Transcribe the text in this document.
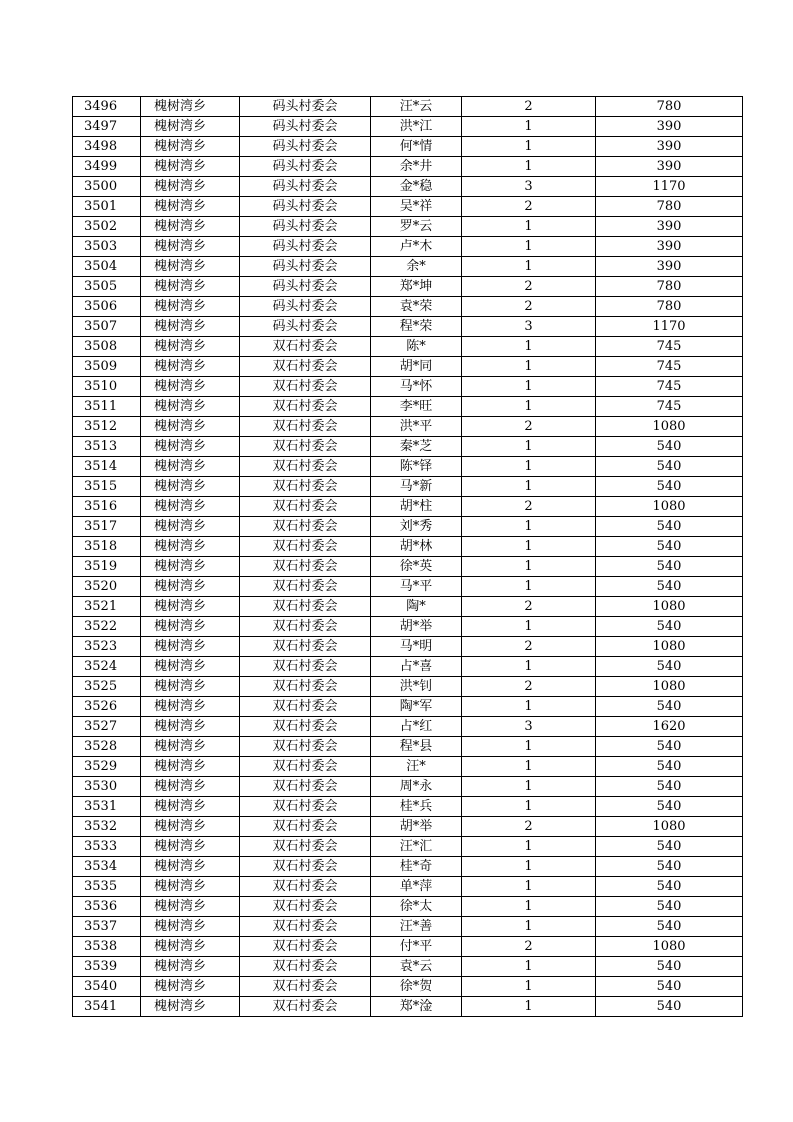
3496	槐树湾乡	码头村委会	汪*云	2	780
3497	槐树湾乡	码头村委会	洪*江	1	390
3498	槐树湾乡	码头村委会	何*情	1	390
3499	槐树湾乡	码头村委会	余*井	1	390
3500	槐树湾乡	码头村委会	金*稳	3	1170
3501	槐树湾乡	码头村委会	吴*祥	2	780
3502	槐树湾乡	码头村委会	罗*云	1	390
3503	槐树湾乡	码头村委会	卢*木	1	390
3504	槐树湾乡	码头村委会	余*	1	390
3505	槐树湾乡	码头村委会	郑*坤	2	780
3506	槐树湾乡	码头村委会	袁*荣	2	780
3507	槐树湾乡	码头村委会	程*荣	3	1170
3508	槐树湾乡	双石村委会	陈*	1	745
3509	槐树湾乡	双石村委会	胡*同	1	745
3510	槐树湾乡	双石村委会	马*怀	1	745
3511	槐树湾乡	双石村委会	李*旺	1	745
3512	槐树湾乡	双石村委会	洪*平	2	1080
3513	槐树湾乡	双石村委会	秦*芝	1	540
3514	槐树湾乡	双石村委会	陈*铎	1	540
3515	槐树湾乡	双石村委会	马*新	1	540
3516	槐树湾乡	双石村委会	胡*柱	2	1080
3517	槐树湾乡	双石村委会	刘*秀	1	540
3518	槐树湾乡	双石村委会	胡*林	1	540
3519	槐树湾乡	双石村委会	徐*英	1	540
3520	槐树湾乡	双石村委会	马*平	1	540
3521	槐树湾乡	双石村委会	陶*	2	1080
3522	槐树湾乡	双石村委会	胡*举	1	540
3523	槐树湾乡	双石村委会	马*明	2	1080
3524	槐树湾乡	双石村委会	占*喜	1	540
3525	槐树湾乡	双石村委会	洪*钊	2	1080
3526	槐树湾乡	双石村委会	陶*军	1	540
3527	槐树湾乡	双石村委会	占*红	3	1620
3528	槐树湾乡	双石村委会	程*县	1	540
3529	槐树湾乡	双石村委会	汪*	1	540
3530	槐树湾乡	双石村委会	周*永	1	540
3531	槐树湾乡	双石村委会	桂*兵	1	540
3532	槐树湾乡	双石村委会	胡*举	2	1080
3533	槐树湾乡	双石村委会	汪*汇	1	540
3534	槐树湾乡	双石村委会	桂*奇	1	540
3535	槐树湾乡	双石村委会	单*萍	1	540
3536	槐树湾乡	双石村委会	徐*太	1	540
3537	槐树湾乡	双石村委会	汪*善	1	540
3538	槐树湾乡	双石村委会	付*平	2	1080
3539	槐树湾乡	双石村委会	袁*云	1	540
3540	槐树湾乡	双石村委会	徐*贺	1	540
3541	槐树湾乡	双石村委会	郑*淦	1	540
